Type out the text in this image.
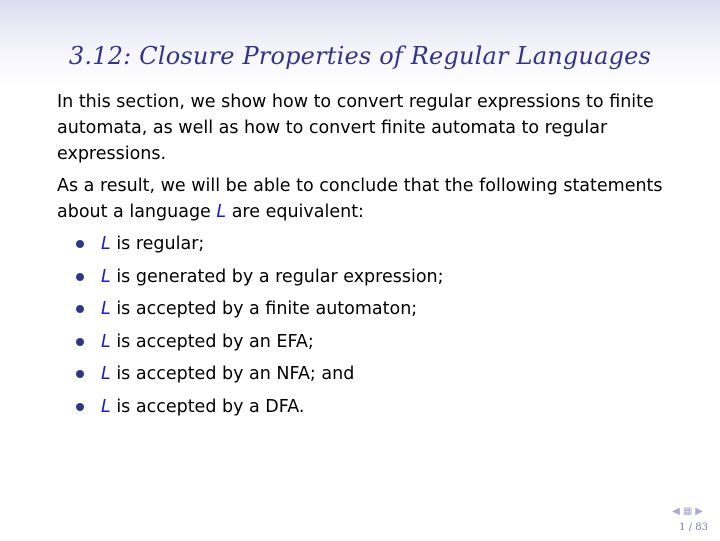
3.12: Closure Properties of Regular Languages

In this section, we show how to convert regular expressions to finite automata, as well as how to convert finite automata to regular expressions.

As a result, we will be able to conclude that the following statements about a language L are equivalent:

L is regular;
L is generated by a regular expression;
L is accepted by a finite automaton;
L is accepted by an EFA;
L is accepted by an NFA; and
L is accepted by a DFA.
◀▦▶
1 / 83
